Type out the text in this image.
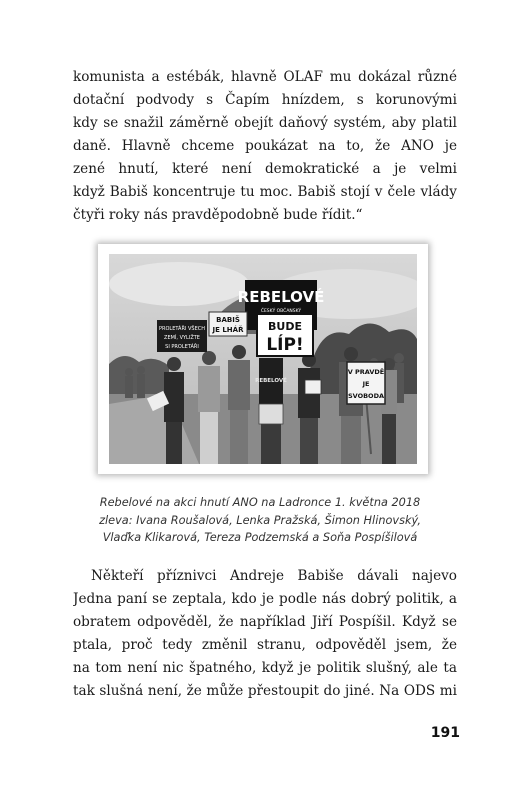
komunista a estébák, hlavně OLAF mu dokázal různé
dotační podvody s Čapím hnízdem, s korunovými
kdy se snažil záměrně obejít daňový systém, aby platil
daně. Hlavně chceme poukázat na to, že ANO je
zené hnutí, které není demokratické a je velmi
když Babiš koncentruje tu moc. Babiš stojí v čele vlády
čtyři roky nás pravděpodobně bude řídit.“

REBELOVÉ
ČESKÝ OBČANSKÝ
BUDE
LÍP!
BABIŠ
JE LHÁŘ
PROLETÁŘI VŠECH
ZEMÍ, VYLIŽTE
SI PROLETÁŘI
V PRAVDĚ
JE
SVOBODA
REBELOVÉ

Rebelové na akci hnutí ANO na Ladronce 1. května 2018
zleva: Ivana Roušalová, Lenka Pražská, Šimon Hlinovský,
Vlaďka Klikarová, Tereza Podzemská a Soňa Pospíšilová

Někteří příznivci Andreje Babiše dávali najevo
Jedna paní se zeptala, kdo je podle nás dobrý politik, a
obratem odpověděl, že například Jiří Pospíšil. Když se
ptala, proč tedy změnil stranu, odpověděl jsem, že
na tom není nic špatného, když je politik slušný, ale ta
tak slušná není, že může přestoupit do jiné. Na ODS mi

191
